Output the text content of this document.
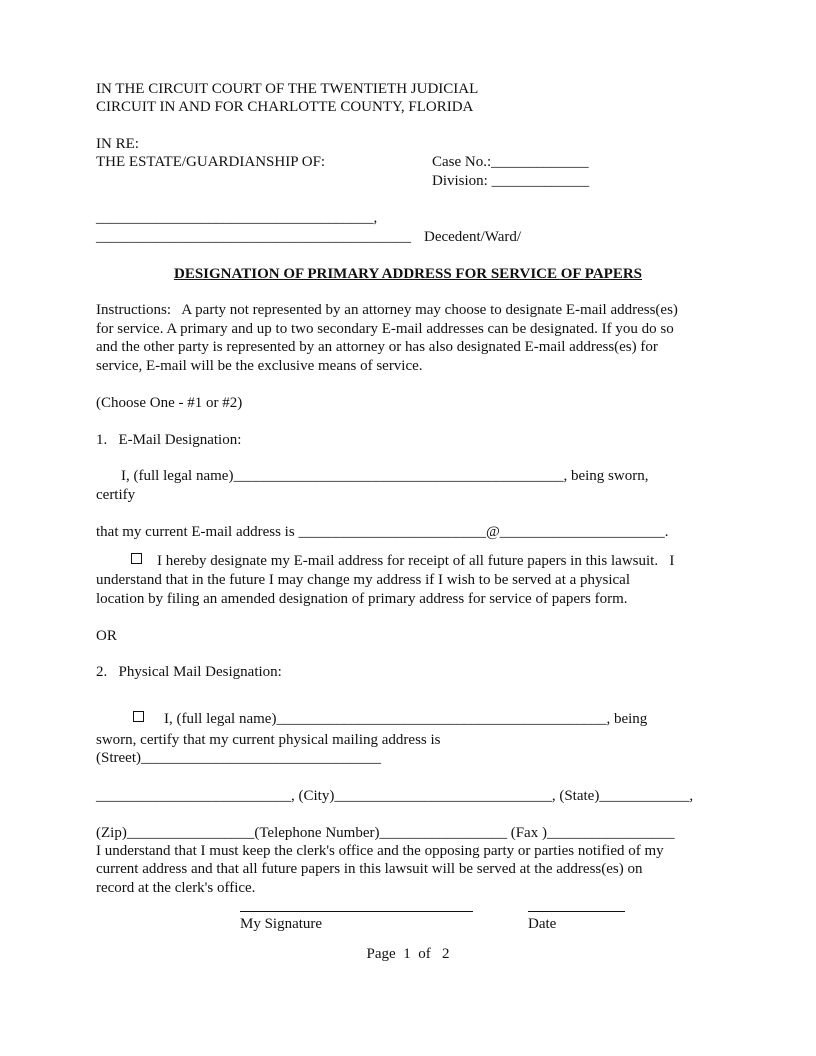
IN THE CIRCUIT COURT OF THE TWENTIETH JUDICIAL
CIRCUIT IN AND FOR CHARLOTTE COUNTY, FLORIDA
IN RE:
THE ESTATE/GUARDIANSHIP OF:	Case No.:_____________
Division: _____________
_____________________________________,
__________________________________________ Decedent/Ward/
DESIGNATION OF PRIMARY ADDRESS FOR SERVICE OF PAPERS
Instructions:   A party not represented by an attorney may choose to designate E-mail address(es)
for service. A primary and up to two secondary E-mail addresses can be designated. If you do so
and the other party is represented by an attorney or has also designated E-mail address(es) for
service, E-mail will be the exclusive means of service.
(Choose One - #1 or #2)
1.   E-Mail Designation:
I, (full legal name)____________________________________________, being sworn,
certify
that my current E-mail address is _________________________@______________________.
I hereby designate my E-mail address for receipt of all future papers in this lawsuit.   I
understand that in the future I may change my address if I wish to be served at a physical
location by filing an amended designation of primary address for service of papers form.
OR
2.   Physical Mail Designation:
I, (full legal name)____________________________________________, being
sworn, certify that my current physical mailing address is
(Street)________________________________
__________________________, (City)_____________________________, (State)____________,
(Zip)_________________(Telephone Number)_________________ (Fax )_________________
I understand that I must keep the clerk's office and the opposing party or parties notified of my
current address and that all future papers in this lawsuit will be served at the address(es) on
record at the clerk's office.
My Signature	Date
Page  1  of   2
